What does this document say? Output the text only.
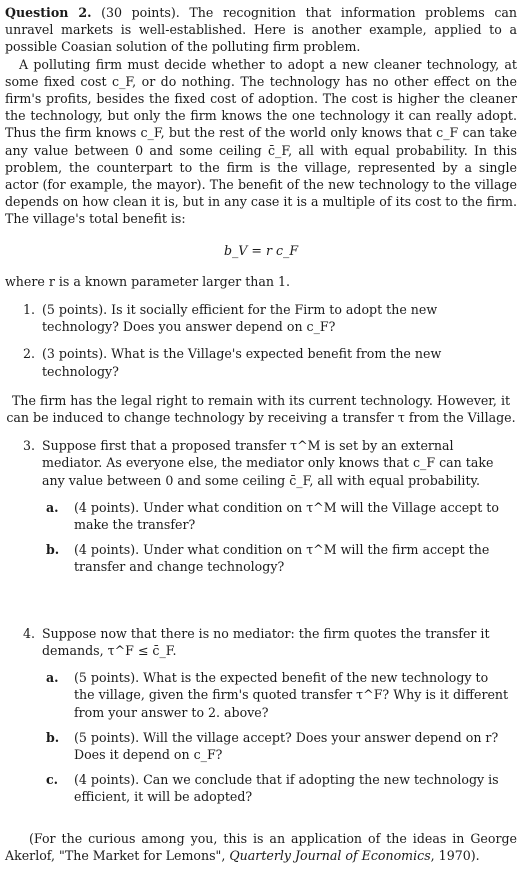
Question 2. (30 points). The recognition that information problems can unravel markets is well-established. Here is another example, applied to a possible Coasian solution of the polluting firm problem.

A polluting firm must decide whether to adopt a new cleaner technology, at some fixed cost c_F, or do nothing. The technology has no other effect on the firm's profits, besides the fixed cost of adoption. The cost is higher the cleaner the technology, but only the firm knows the one technology it can really adopt. Thus the firm knows c_F, but the rest of the world only knows that c_F can take any value between 0 and some ceiling c̄_F, all with equal probability. In this problem, the counterpart to the firm is the village, represented by a single actor (for example, the mayor). The benefit of the new technology to the village depends on how clean it is, but in any case it is a multiple of its cost to the firm. The village's total benefit is:

b_V = r c_F

where r is a known parameter larger than 1.

1. (5 points). Is it socially efficient for the Firm to adopt the new technology? Does you answer depend on c_F?
2. (3 points). What is the Village's expected benefit from the new technology?

The firm has the legal right to remain with its current technology. However, it can be induced to change technology by receiving a transfer τ from the Village.

3. Suppose first that a proposed transfer τ^M is set by an external mediator. As everyone else, the mediator only knows that c_F can take any value between 0 and some ceiling c̄_F, all with equal probability.
a. (4 points). Under what condition on τ^M will the Village accept to make the transfer?
b. (4 points). Under what condition on τ^M will the firm accept the transfer and change technology?
4. Suppose now that there is no mediator: the firm quotes the transfer it demands, τ^F ≤ c̄_F.
a. (5 points). What is the expected benefit of the new technology to the village, given the firm's quoted transfer τ^F? Why is it different from your answer to 2. above?
b. (5 points). Will the village accept? Does your answer depend on r? Does it depend on c_F?
c. (4 points). Can we conclude that if adopting the new technology is efficient, it will be adopted?

(For the curious among you, this is an application of the ideas in George Akerlof, "The Market for Lemons", Quarterly Journal of Economics, 1970).
